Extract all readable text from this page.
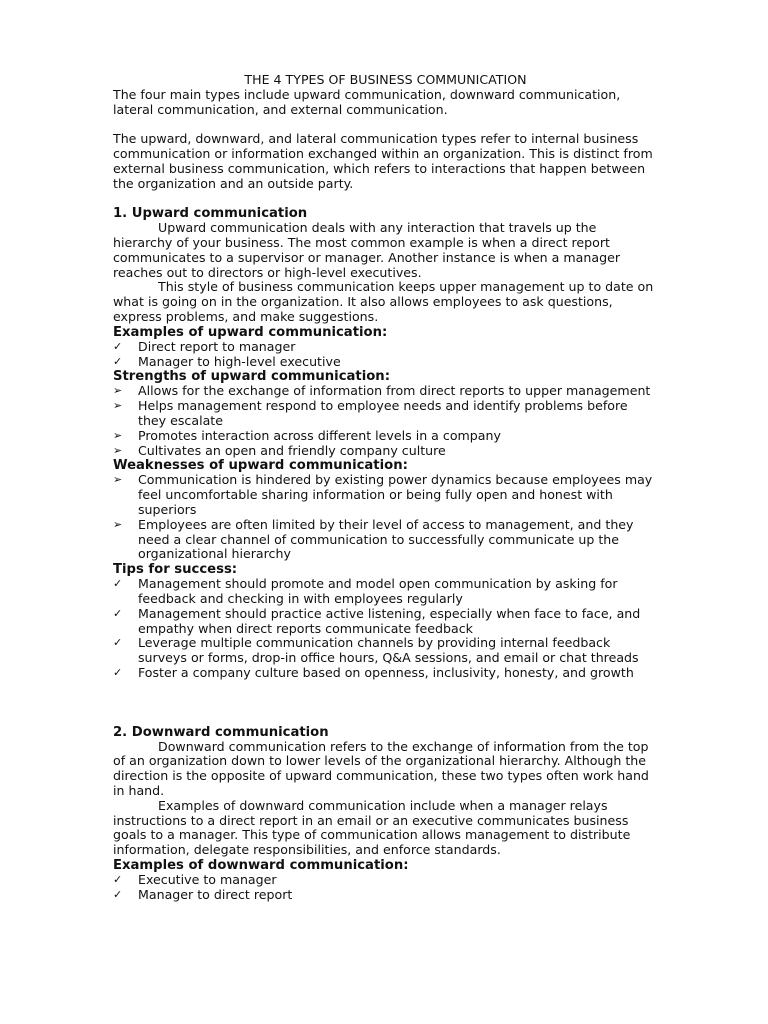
THE 4 TYPES OF BUSINESS COMMUNICATION

The four main types include upward communication, downward communication, lateral communication, and external communication.

The upward, downward, and lateral communication types refer to internal business communication or information exchanged within an organization. This is distinct from external business communication, which refers to interactions that happen between the organization and an outside party.

1. Upward communication

Upward communication deals with any interaction that travels up the hierarchy of your business. The most common example is when a direct report communicates to a supervisor or manager. Another instance is when a manager reaches out to directors or high-level executives.

This style of business communication keeps upper management up to date on what is going on in the organization. It also allows employees to ask questions, express problems, and make suggestions.

Examples of upward communication:
✓	Direct report to manager
✓	Manager to high-level executive
Strengths of upward communication:
➢	Allows for the exchange of information from direct reports to upper management
➢	Helps management respond to employee needs and identify problems before they escalate
➢	Promotes interaction across different levels in a company
➢	Cultivates an open and friendly company culture
Weaknesses of upward communication:
➢	Communication is hindered by existing power dynamics because employees may feel uncomfortable sharing information or being fully open and honest with superiors
➢	Employees are often limited by their level of access to management, and they need a clear channel of communication to successfully communicate up the organizational hierarchy
Tips for success:
✓	Management should promote and model open communication by asking for feedback and checking in with employees regularly
✓	Management should practice active listening, especially when face to face, and empathy when direct reports communicate feedback
✓	Leverage multiple communication channels by providing internal feedback surveys or forms, drop-in office hours, Q&A sessions, and email or chat threads
✓	Foster a company culture based on openness, inclusivity, honesty, and growth
2. Downward communication

Downward communication refers to the exchange of information from the top of an organization down to lower levels of the organizational hierarchy. Although the direction is the opposite of upward communication, these two types often work hand in hand.

Examples of downward communication include when a manager relays instructions to a direct report in an email or an executive communicates business goals to a manager. This type of communication allows management to distribute information, delegate responsibilities, and enforce standards.

Examples of downward communication:
✓	Executive to manager
✓	Manager to direct report
